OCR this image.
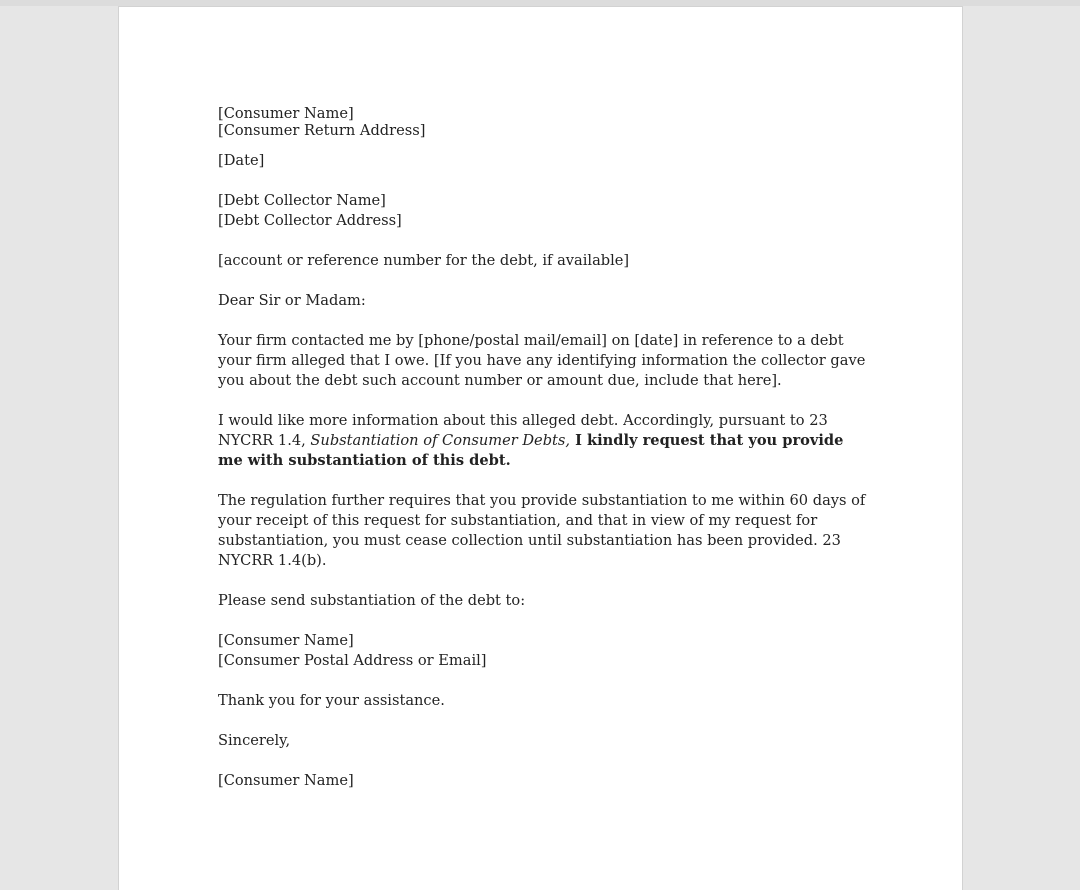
[Consumer Name]
[Consumer Return Address]

[Date]

[Debt Collector Name]
[Debt Collector Address]

[account or reference number for the debt, if available]

Dear Sir or Madam:

Your firm contacted me by [phone/postal mail/email] on [date] in reference to a debt
your firm alleged that I owe. [If you have any identifying information the collector gave
you about the debt such account number or amount due, include that here].

I would like more information about this alleged debt. Accordingly, pursuant to 23
NYCRR 1.4, Substantiation of Consumer Debts, I kindly request that you provide
me with substantiation of this debt.

The regulation further requires that you provide substantiation to me within 60 days of
your receipt of this request for substantiation, and that in view of my request for
substantiation, you must cease collection until substantiation has been provided. 23
NYCRR 1.4(b).

Please send substantiation of the debt to:

[Consumer Name]
[Consumer Postal Address or Email]

Thank you for your assistance.

Sincerely,

[Consumer Name]
